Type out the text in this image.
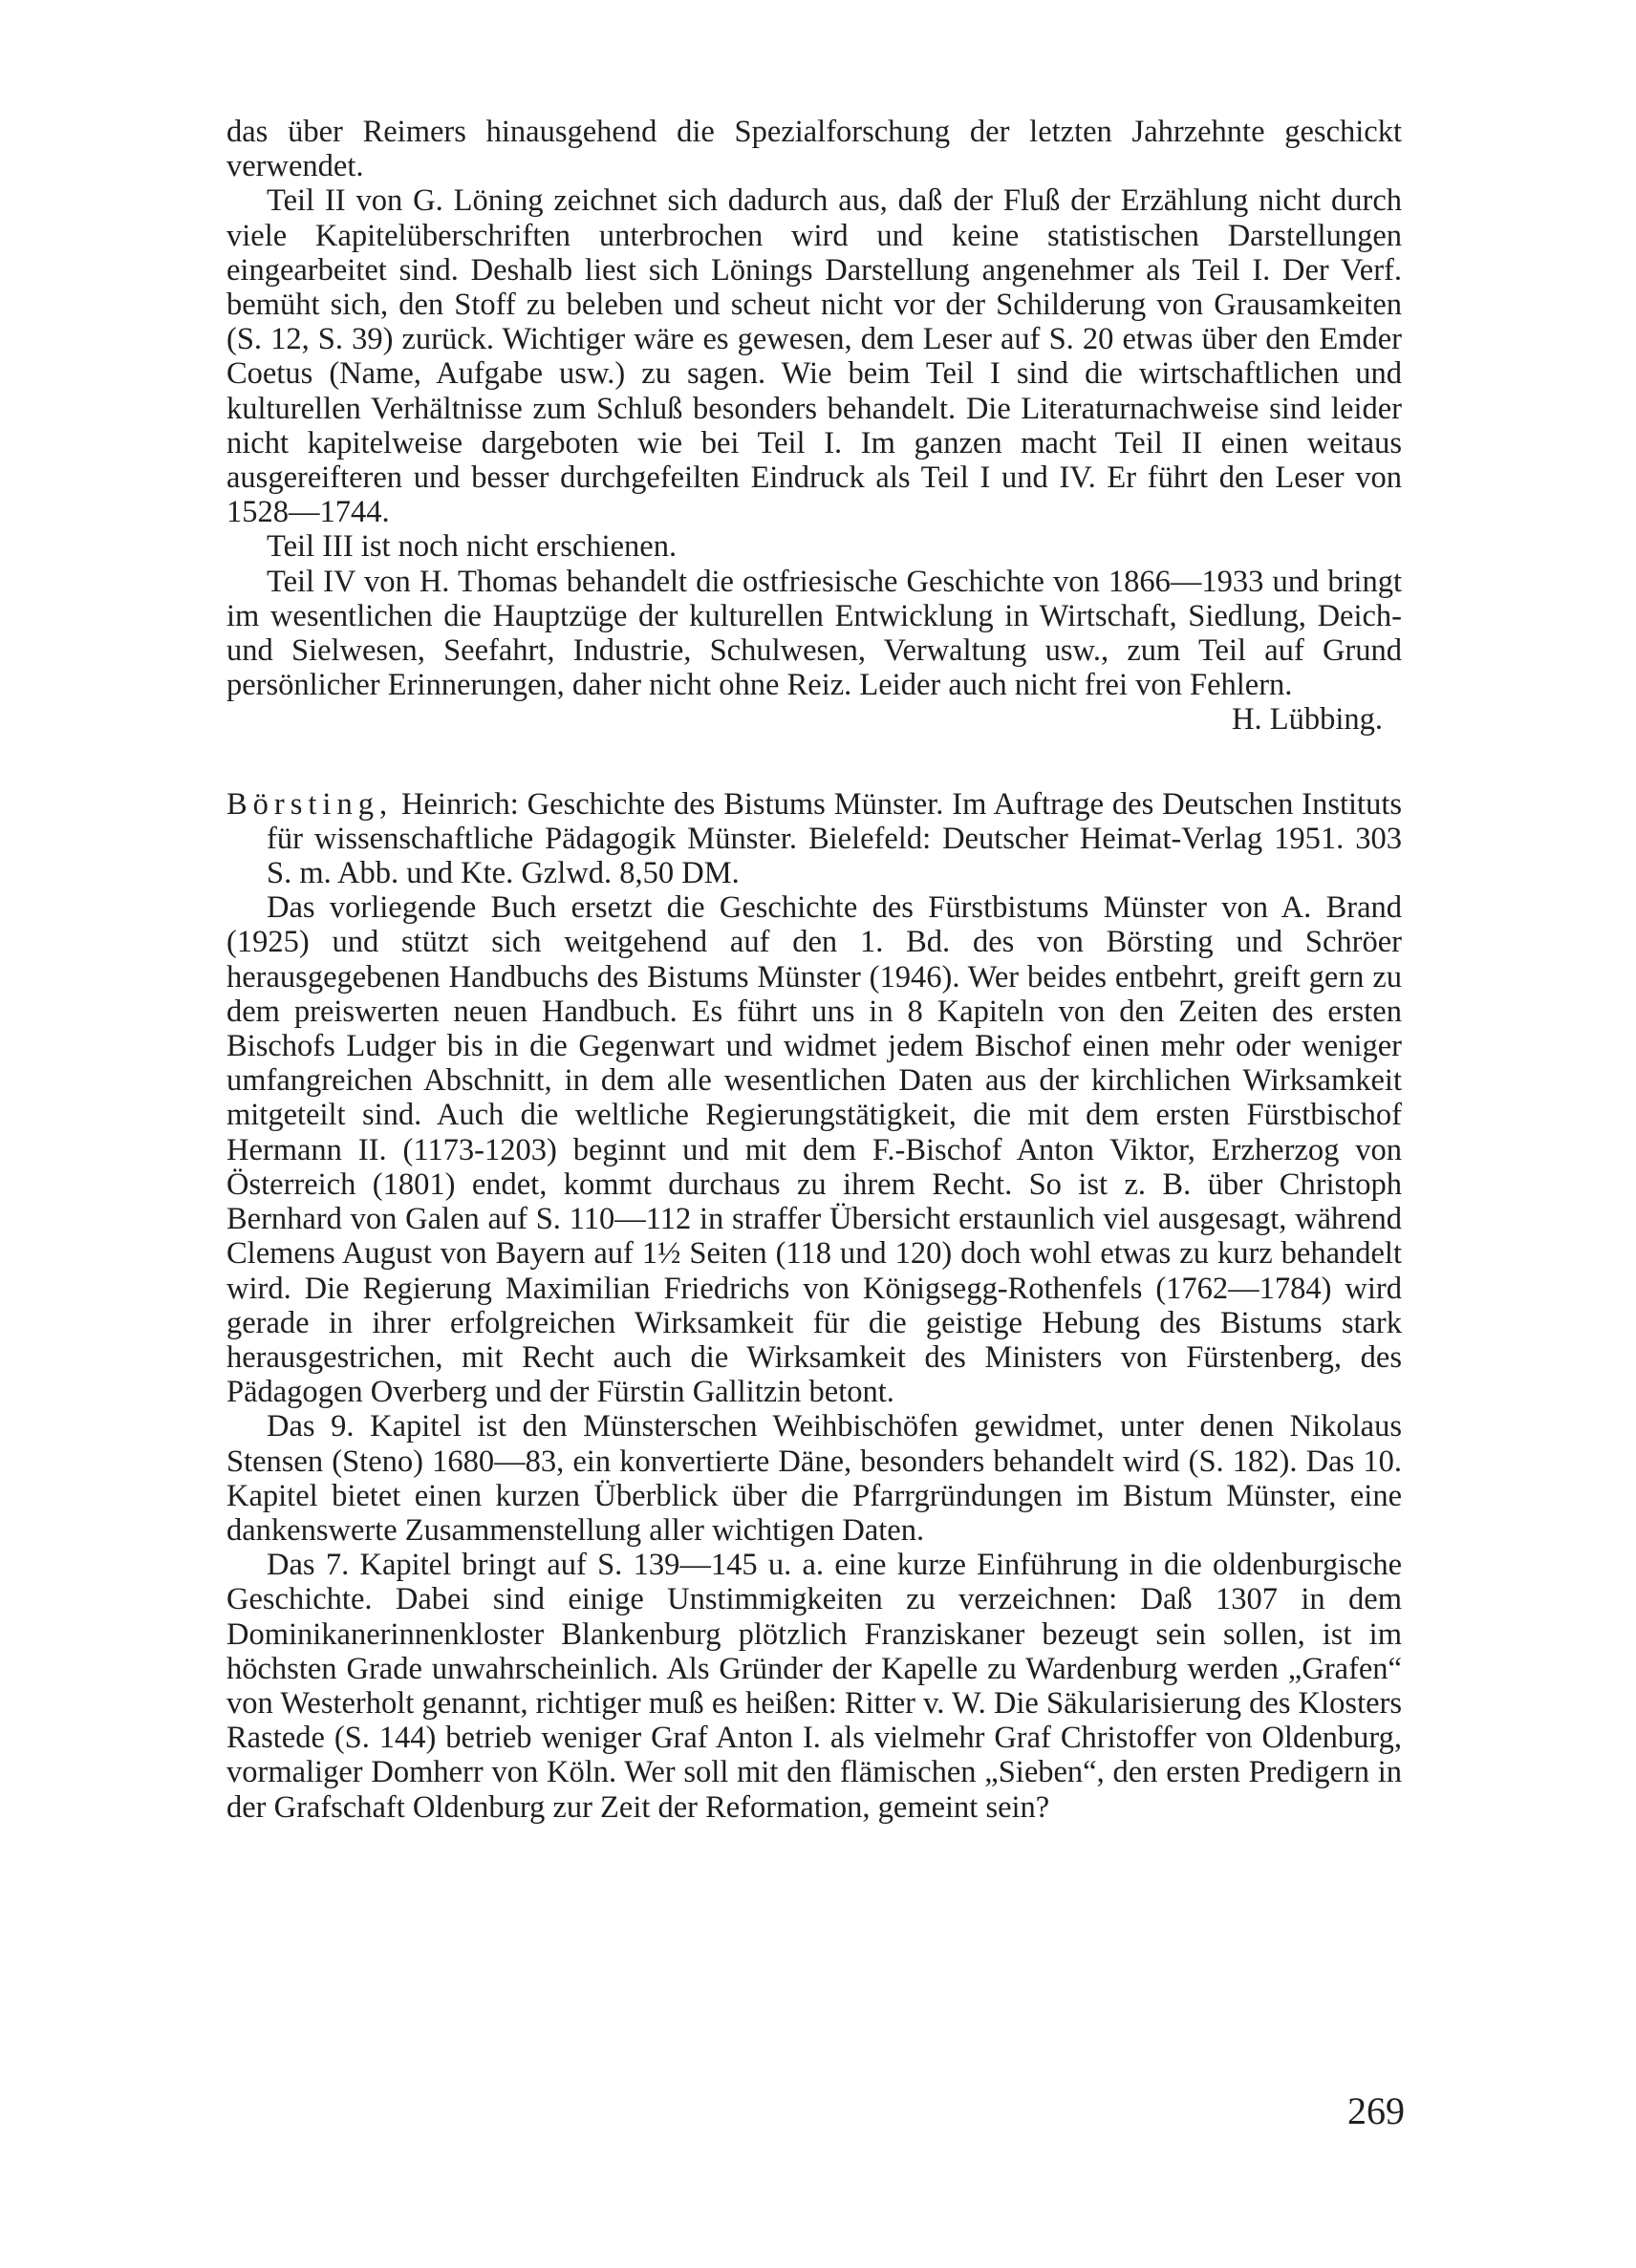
das über Reimers hinausgehend die Spezialforschung der letzten Jahrzehnte geschickt verwendet.

Teil II von G. Löning zeichnet sich dadurch aus, daß der Fluß der Erzählung nicht durch viele Kapitelüberschriften unterbrochen wird und keine statistischen Darstellungen eingearbeitet sind. Deshalb liest sich Lönings Darstellung angenehmer als Teil I. Der Verf. bemüht sich, den Stoff zu beleben und scheut nicht vor der Schilderung von Grausamkeiten (S. 12, S. 39) zurück. Wichtiger wäre es gewesen, dem Leser auf S. 20 etwas über den Emder Coetus (Name, Aufgabe usw.) zu sagen. Wie beim Teil I sind die wirtschaftlichen und kulturellen Verhältnisse zum Schluß besonders behandelt. Die Literaturnachweise sind leider nicht kapitelweise dargeboten wie bei Teil I. Im ganzen macht Teil II einen weitaus ausgereifteren und besser durchgefeilten Eindruck als Teil I und IV. Er führt den Leser von 1528—1744.

Teil III ist noch nicht erschienen.

Teil IV von H. Thomas behandelt die ostfriesische Geschichte von 1866—1933 und bringt im wesentlichen die Hauptzüge der kulturellen Entwicklung in Wirtschaft, Siedlung, Deich- und Sielwesen, Seefahrt, Industrie, Schulwesen, Verwaltung usw., zum Teil auf Grund persönlicher Erinnerungen, daher nicht ohne Reiz. Leider auch nicht frei von Fehlern.

H. Lübbing.

Börsting, Heinrich: Geschichte des Bistums Münster. Im Auftrage des Deutschen Instituts für wissenschaftliche Pädagogik Münster. Bielefeld: Deutscher Heimat-Verlag 1951. 303 S. m. Abb. und Kte. Gzlwd. 8,50 DM.

Das vorliegende Buch ersetzt die Geschichte des Fürstbistums Münster von A. Brand (1925) und stützt sich weitgehend auf den 1. Bd. des von Börsting und Schröer herausgegebenen Handbuchs des Bistums Münster (1946). Wer beides entbehrt, greift gern zu dem preiswerten neuen Handbuch. Es führt uns in 8 Kapiteln von den Zeiten des ersten Bischofs Ludger bis in die Gegenwart und widmet jedem Bischof einen mehr oder weniger umfangreichen Abschnitt, in dem alle wesentlichen Daten aus der kirchlichen Wirksamkeit mitgeteilt sind. Auch die weltliche Regierungstätigkeit, die mit dem ersten Fürstbischof Hermann II. (1173-1203) beginnt und mit dem F.-Bischof Anton Viktor, Erzherzog von Österreich (1801) endet, kommt durchaus zu ihrem Recht. So ist z. B. über Christoph Bernhard von Galen auf S. 110—112 in straffer Übersicht erstaunlich viel ausgesagt, während Clemens August von Bayern auf 1½ Seiten (118 und 120) doch wohl etwas zu kurz behandelt wird. Die Regierung Maximilian Friedrichs von Königsegg-Rothenfels (1762—1784) wird gerade in ihrer erfolgreichen Wirksamkeit für die geistige Hebung des Bistums stark herausgestrichen, mit Recht auch die Wirksamkeit des Ministers von Fürstenberg, des Pädagogen Overberg und der Fürstin Gallitzin betont.

Das 9. Kapitel ist den Münsterschen Weihbischöfen gewidmet, unter denen Nikolaus Stensen (Steno) 1680—83, ein konvertierte Däne, besonders behandelt wird (S. 182). Das 10. Kapitel bietet einen kurzen Überblick über die Pfarrgründungen im Bistum Münster, eine dankenswerte Zusammenstellung aller wichtigen Daten.

Das 7. Kapitel bringt auf S. 139—145 u. a. eine kurze Einführung in die oldenburgische Geschichte. Dabei sind einige Unstimmigkeiten zu verzeichnen: Daß 1307 in dem Dominikanerinnenkloster Blankenburg plötzlich Franziskaner bezeugt sein sollen, ist im höchsten Grade unwahrscheinlich. Als Gründer der Kapelle zu Wardenburg werden „Grafen“ von Westerholt genannt, richtiger muß es heißen: Ritter v. W. Die Säkularisierung des Klosters Rastede (S. 144) betrieb weniger Graf Anton I. als vielmehr Graf Christoffer von Oldenburg, vormaliger Domherr von Köln. Wer soll mit den flämischen „Sieben“, den ersten Predigern in der Grafschaft Oldenburg zur Zeit der Reformation, gemeint sein?

269
